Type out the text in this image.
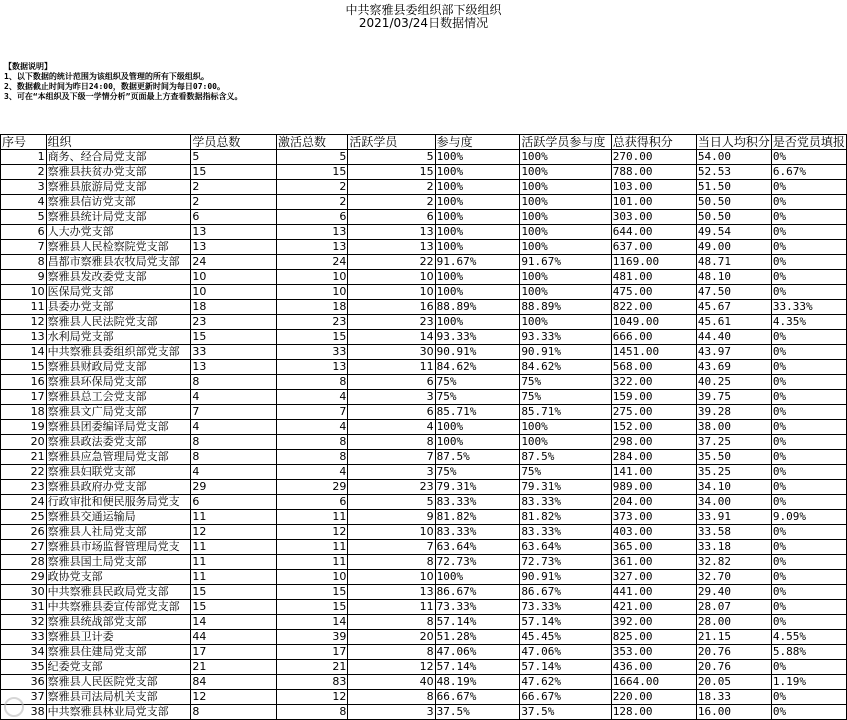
中共察雅县委组织部下级组织
2021/03/24日数据情况
【数据说明】
1、以下数据的统计范围为该组织及管理的所有下级组织。
2、数据截止时间为昨日24:00，数据更新时间为每日07:00。
3、可在“本组织及下级一学情分析”页面最上方查看数据指标含义。
序号	组织	学员总数	激活总数	活跃学员	参与度	活跃学员参与度	总获得积分	当日人均积分	是否党员填报
1	商务、经合局党支部	5	5	5	100%	100%	270.00	54.00	0%
2	察雅县扶贫办党支部	15	15	15	100%	100%	788.00	52.53	6.67%
3	察雅县旅游局党支部	2	2	2	100%	100%	103.00	51.50	0%
4	察雅县信访党支部	2	2	2	100%	100%	101.00	50.50	0%
5	察雅县统计局党支部	6	6	6	100%	100%	303.00	50.50	0%
6	人大办党支部	13	13	13	100%	100%	644.00	49.54	0%
7	察雅县人民检察院党支部	13	13	13	100%	100%	637.00	49.00	0%
8	昌都市察雅县农牧局党支部	24	24	22	91.67%	91.67%	1169.00	48.71	0%
9	察雅县发改委党支部	10	10	10	100%	100%	481.00	48.10	0%
10	医保局党支部	10	10	10	100%	100%	475.00	47.50	0%
11	县委办党支部	18	18	16	88.89%	88.89%	822.00	45.67	33.33%
12	察雅县人民法院党支部	23	23	23	100%	100%	1049.00	45.61	4.35%
13	水利局党支部	15	15	14	93.33%	93.33%	666.00	44.40	0%
14	中共察雅县委组织部党支部	33	33	30	90.91%	90.91%	1451.00	43.97	0%
15	察雅县财政局党支部	13	13	11	84.62%	84.62%	568.00	43.69	0%
16	察雅县环保局党支部	8	8	6	75%	75%	322.00	40.25	0%
17	察雅县总工会党支部	4	4	3	75%	75%	159.00	39.75	0%
18	察雅县文广局党支部	7	7	6	85.71%	85.71%	275.00	39.28	0%
19	察雅县团委编译局党支部	4	4	4	100%	100%	152.00	38.00	0%
20	察雅县政法委党支部	8	8	8	100%	100%	298.00	37.25	0%
21	察雅县应急管理局党支部	8	8	7	87.5%	87.5%	284.00	35.50	0%
22	察雅县妇联党支部	4	4	3	75%	75%	141.00	35.25	0%
23	察雅县政府办党支部	29	29	23	79.31%	79.31%	989.00	34.10	0%
24	行政审批和便民服务局党支	6	6	5	83.33%	83.33%	204.00	34.00	0%
25	察雅县交通运输局	11	11	9	81.82%	81.82%	373.00	33.91	9.09%
26	察雅县人社局党支部	12	12	10	83.33%	83.33%	403.00	33.58	0%
27	察雅县市场监督管理局党支	11	11	7	63.64%	63.64%	365.00	33.18	0%
28	察雅县国土局党支部	11	11	8	72.73%	72.73%	361.00	32.82	0%
29	政协党支部	11	10	10	100%	90.91%	327.00	32.70	0%
30	中共察雅县民政局党支部	15	15	13	86.67%	86.67%	441.00	29.40	0%
31	中共察雅县委宣传部党支部	15	15	11	73.33%	73.33%	421.00	28.07	0%
32	察雅县统战部党支部	14	14	8	57.14%	57.14%	392.00	28.00	0%
33	察雅县卫计委	44	39	20	51.28%	45.45%	825.00	21.15	4.55%
34	察雅县住建局党支部	17	17	8	47.06%	47.06%	353.00	20.76	5.88%
35	纪委党支部	21	21	12	57.14%	57.14%	436.00	20.76	0%
36	察雅县人民医院党支部	84	83	40	48.19%	47.62%	1664.00	20.05	1.19%
37	察雅县司法局机关支部	12	12	8	66.67%	66.67%	220.00	18.33	0%
38	中共察雅县林业局党支部	8	8	3	37.5%	37.5%	128.00	16.00	0%
